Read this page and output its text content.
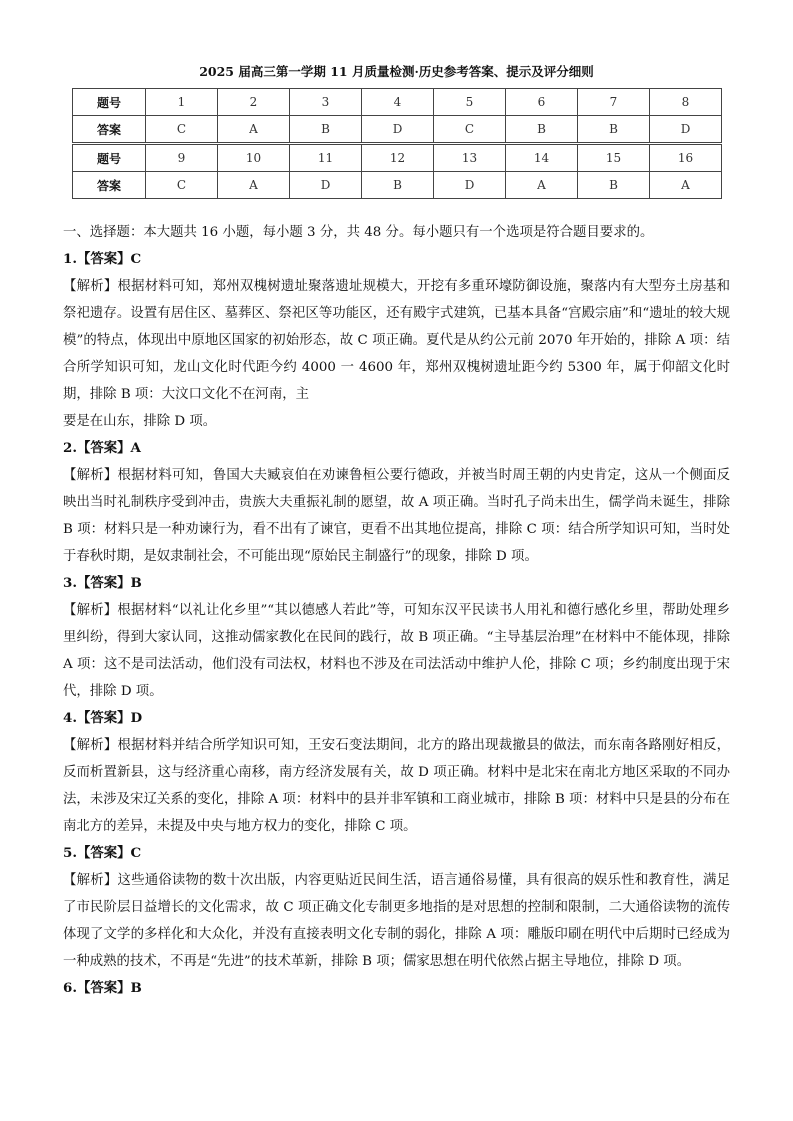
2025 届高三第一学期 11 月质量检测·历史参考答案、提示及评分细则
题号	1	2	3	4	5	6	7	8
答案	C	A	B	D	C	B	B	D
题号	9	10	11	12	13	14	15	16
答案	C	A	D	B	D	A	B	A

一、选择题：本大题共 16 小题，每小题 3 分，共 48 分。每小题只有一个选项是符合题目要求的。

1.【答案】C

【解析】根据材料可知，郑州双槐树遗址聚落遗址规模大，开挖有多重环壕防御设施，聚落内有大型夯土房基和祭祀遗存。设置有居住区、墓葬区、祭祀区等功能区，还有殿宇式建筑，已基本具备“宫殿宗庙”和“遗址的较大规模”的特点，体现出中原地区国家的初始形态，故 C 项正确。夏代是从约公元前 2070 年开始的，排除 A 项：结合所学知识可知，龙山文化时代距今约 4000 一 4600 年，郑州双槐树遗址距今约 5300 年，属于仰韶文化时期，排除 B 项：大汶口文化不在河南，主

要是在山东，排除 D 项。

2.【答案】A

【解析】根据材料可知，鲁国大夫臧哀伯在劝谏鲁桓公要行德政，并被当时周王朝的内史肯定，这从一个侧面反映出当时礼制秩序受到冲击，贵族大夫重振礼制的愿望，故 A 项正确。当时孔子尚未出生，儒学尚未诞生，排除 B 项：材料只是一种劝谏行为，看不出有了谏官，更看不出其地位提高，排除 C 项：结合所学知识可知，当时处于春秋时期，是奴隶制社会，不可能出现“原始民主制盛行”的现象，排除 D 项。

3.【答案】B

【解析】根据材料“以礼让化乡里”“其以德感人若此”等，可知东汉平民读书人用礼和德行感化乡里，帮助处理乡里纠纷，得到大家认同，这推动儒家教化在民间的践行，故 B 项正确。“主导基层治理”在材料中不能体现，排除 A 项：这不是司法活动，他们没有司法权，材料也不涉及在司法活动中维护人伦，排除 C 项；乡约制度出现于宋代，排除 D 项。

4.【答案】D

【解析】根据材料并结合所学知识可知，王安石变法期间，北方的路出现裁撤县的做法，而东南各路刚好相反，反而析置新县，这与经济重心南移，南方经济发展有关，故 D 项正确。材料中是北宋在南北方地区采取的不同办法，未涉及宋辽关系的变化，排除 A 项：材料中的县并非军镇和工商业城市，排除 B 项：材料中只是县的分布在南北方的差异，未提及中央与地方权力的变化，排除 C 项。

5.【答案】C

【解析】这些通俗读物的数十次出版，内容更贴近民间生活，语言通俗易懂，具有很高的娱乐性和教育性，满足了市民阶层日益增长的文化需求，故 C 项正确文化专制更多地指的是对思想的控制和限制，二大通俗读物的流传体现了文学的多样化和大众化，并没有直接表明文化专制的弱化，排除 A 项：雕版印刷在明代中后期时已经成为一种成熟的技术，不再是“先进”的技术革新，排除 B 项；儒家思想在明代依然占据主导地位，排除 D 项。

6.【答案】B
